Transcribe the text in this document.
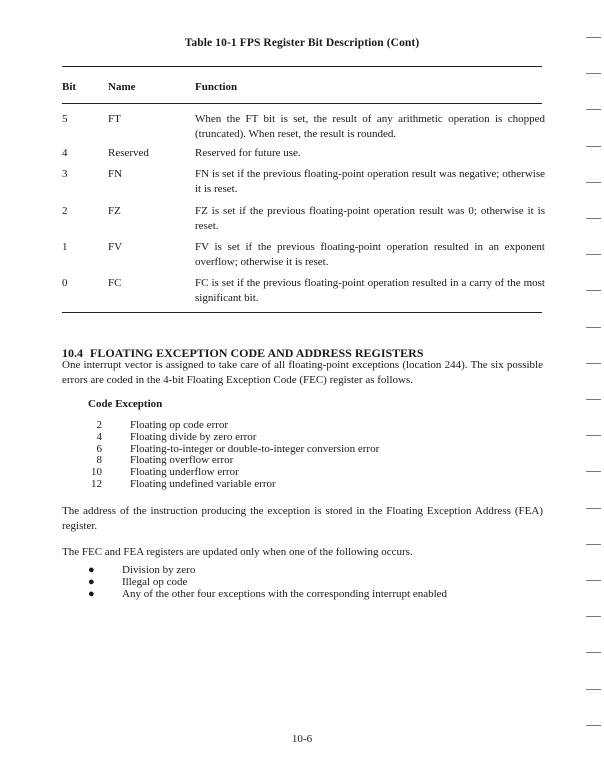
Table 10-1 FPS Register Bit Description (Cont)
Bit	Name	Function
5	FT	When the FT bit is set, the result of any arithmetic operation is chopped (truncated). When reset, the result is rounded.
4	Reserved	Reserved for future use.
3	FN	FN is set if the previous floating-point operation result was negative; otherwise it is reset.
2	FZ	FZ is set if the previous floating-point operation result was 0; otherwise it is reset.
1	FV	FV is set if the previous floating-point operation resulted in an exponent overflow; otherwise it is reset.
0	FC	FC is set if the previous floating-point operation resulted in a carry of the most significant bit.
10.4 FLOATING EXCEPTION CODE AND ADDRESS REGISTERS
One interrupt vector is assigned to take care of all floating-point exceptions (location 244). The six possible errors are coded in the 4-bit Floating Exception Code (FEC) register as follows.
Code Exception
2	Floating op code error
4	Floating divide by zero error
6	Floating-to-integer or double-to-integer conversion error
8	Floating overflow error
10	Floating underflow error
12	Floating undefined variable error
The address of the instruction producing the exception is stored in the Floating Exception Address (FEA) register.
The FEC and FEA registers are updated only when one of the following occurs.
● Division by zero
● Illegal op code
● Any of the other four exceptions with the corresponding interrupt enabled
10-6
